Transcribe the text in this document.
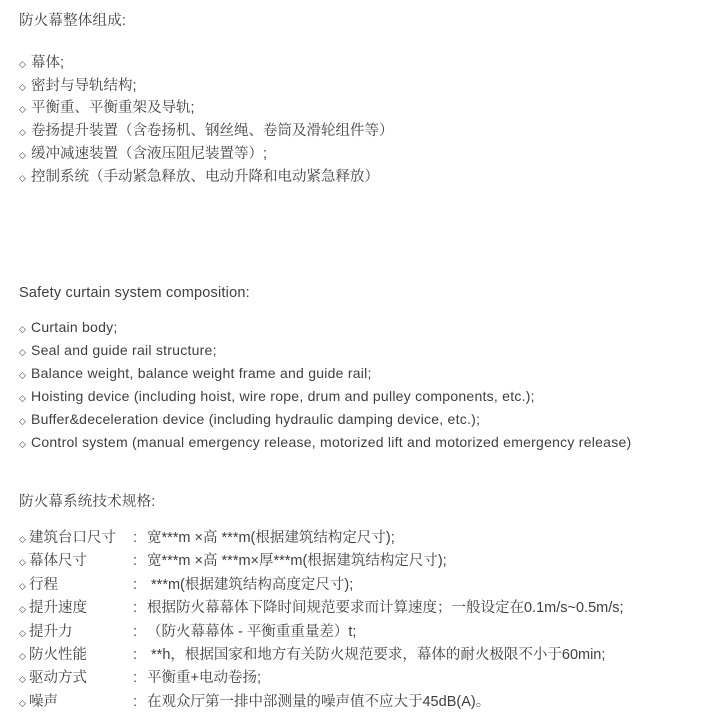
防火幕整体组成:
◇ 幕体;
◇ 密封与导轨结构;
◇ 平衡重、平衡重架及导轨;
◇ 卷扬提升装置（含卷扬机、钢丝绳、卷筒及滑轮组件等）
◇ 缓冲减速装置（含液压阻尼装置等）;
◇ 控制系统（手动紧急释放、电动升降和电动紧急释放）
Safety curtain system composition:
◇ Curtain body;
◇ Seal and guide rail structure;
◇ Balance weight, balance weight frame and guide rail;
◇ Hoisting device (including hoist, wire rope, drum and pulley components, etc.);
◇ Buffer&deceleration device (including hydraulic damping device, etc.);
◇ Control system (manual emergency release, motorized lift and motorized emergency release)
防火幕系统技术规格:
◇ 建筑台口尺寸	: 宽***m ×高 ***m(根据建筑结构定尺寸);
◇ 幕体尺寸	: 宽***m ×高 ***m×厚***m(根据建筑结构定尺寸);
◇ 行程	: ***m(根据建筑结构高度定尺寸);
◇ 提升速度	: 根据防火幕幕体下降时间规范要求而计算速度；一般设定在0.1m/s~0.5m/s;
◇ 提升力	: （防火幕幕体 - 平衡重重量差）t;
◇ 防火性能	: **h，根据国家和地方有关防火规范要求，幕体的耐火极限不小于60min;
◇ 驱动方式	: 平衡重+电动卷扬;
◇ 噪声	: 在观众厅第一排中部测量的噪声值不应大于45dB(A)。
